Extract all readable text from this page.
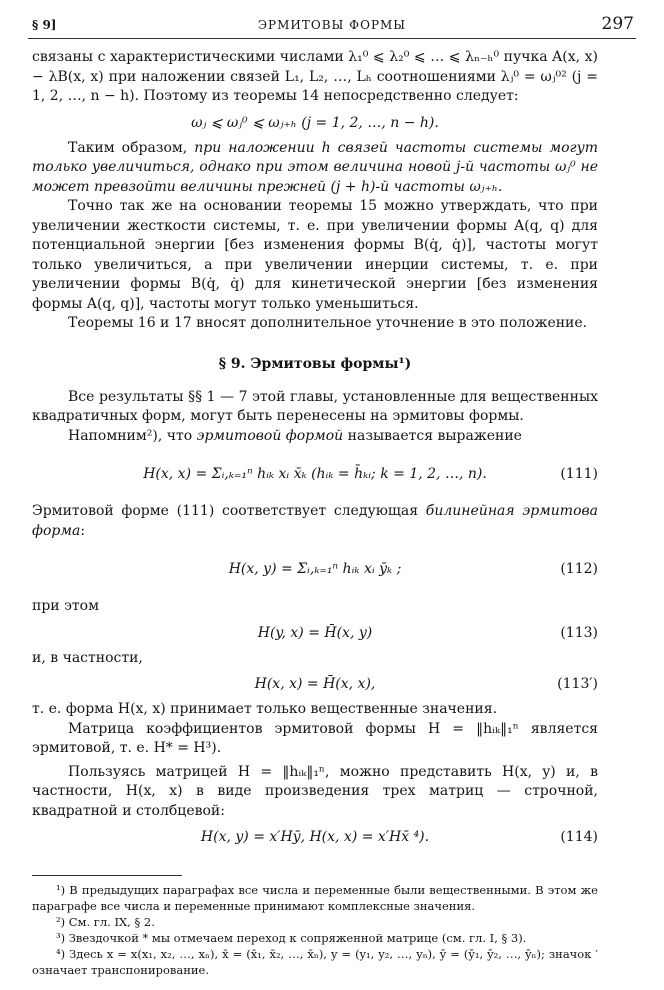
§ 9]	ЭРМИТОВЫ ФОРМЫ	297

связаны с характеристическими числами λ₁⁰ ⩽ λ₂⁰ ⩽ … ⩽ λₙ₋ₕ⁰ пучка A(x, x) − λB(x, x) при наложении связей L₁, L₂, …, Lₕ соотношениями λⱼ⁰ = ωⱼ⁰² (j = 1, 2, …, n − h). Поэтому из теоремы 14 непосредственно следует:

ωⱼ ⩽ ωⱼ⁰ ⩽ ωⱼ₊ₕ (j = 1, 2, …, n − h).

Таким образом, при наложении h связей частоты системы могут только увеличиться, однако при этом величина новой j-й частоты ωⱼ⁰ не может превзойти величины прежней (j + h)-й частоты ωⱼ₊ₕ.

Точно так же на основании теоремы 15 можно утверждать, что при увеличении жесткости системы, т. е. при увеличении формы A(q, q) для потенциальной энергии [без изменения формы B(q̇, q̇)], частоты могут только увеличиться, а при увеличении инерции системы, т. е. при увеличении формы B(q̇, q̇) для кинетической энергии [без изменения формы A(q, q)], частоты могут только уменьшиться.

Теоремы 16 и 17 вносят дополнительное уточнение в это положение.

§ 9. Эрмитовы формы¹)

Все результаты §§ 1 — 7 этой главы, установленные для вещественных квадратичных форм, могут быть перенесены на эрмитовы формы.

Напомним²), что эрмитовой формой называется выражение

H(x, x) = Σᵢ,ₖ₌₁ⁿ hᵢₖ xᵢ x̄ₖ (hᵢₖ = h̄ₖᵢ; k = 1, 2, …, n).	(111)

Эрмитовой форме (111) соответствует следующая билинейная эрмитова форма:

H(x, y) = Σᵢ,ₖ₌₁ⁿ hᵢₖ xᵢ ȳₖ ;	(112)

при этом

H(y, x) = H̄(x, y)	(113)

и, в частности,

H(x, x) = H̄(x, x),	(113′)

т. е. форма H(x, x) принимает только вещественные значения.

Матрица коэффициентов эрмитовой формы H = ‖hᵢₖ‖₁ⁿ является эрмитовой, т. е. H* = H³).

Пользуясь матрицей H = ‖hᵢₖ‖₁ⁿ, можно представить H(x, y) и, в частности, H(x, x) в виде произведения трех матриц — строчной, квадратной и столбцевой:

H(x, y) = x′Hȳ, H(x, x) = x′Hx̄ ⁴).	(114)
¹) В предыдущих параграфах все числа и переменные были вещественными. В этом же параграфе все числа и переменные принимают комплексные значения.
²) См. гл. IX, § 2.
³) Звездочкой * мы отмечаем переход к сопряженной матрице (см. гл. I, § 3).
⁴) Здесь x = x(x₁, x₂, …, xₙ), x̄ = (x̄₁, x̄₂, …, x̄ₙ), y = (y₁, y₂, …, yₙ), ȳ = (ȳ₁, ȳ₂, …, ȳₙ); значок ′ означает транспонирование.
